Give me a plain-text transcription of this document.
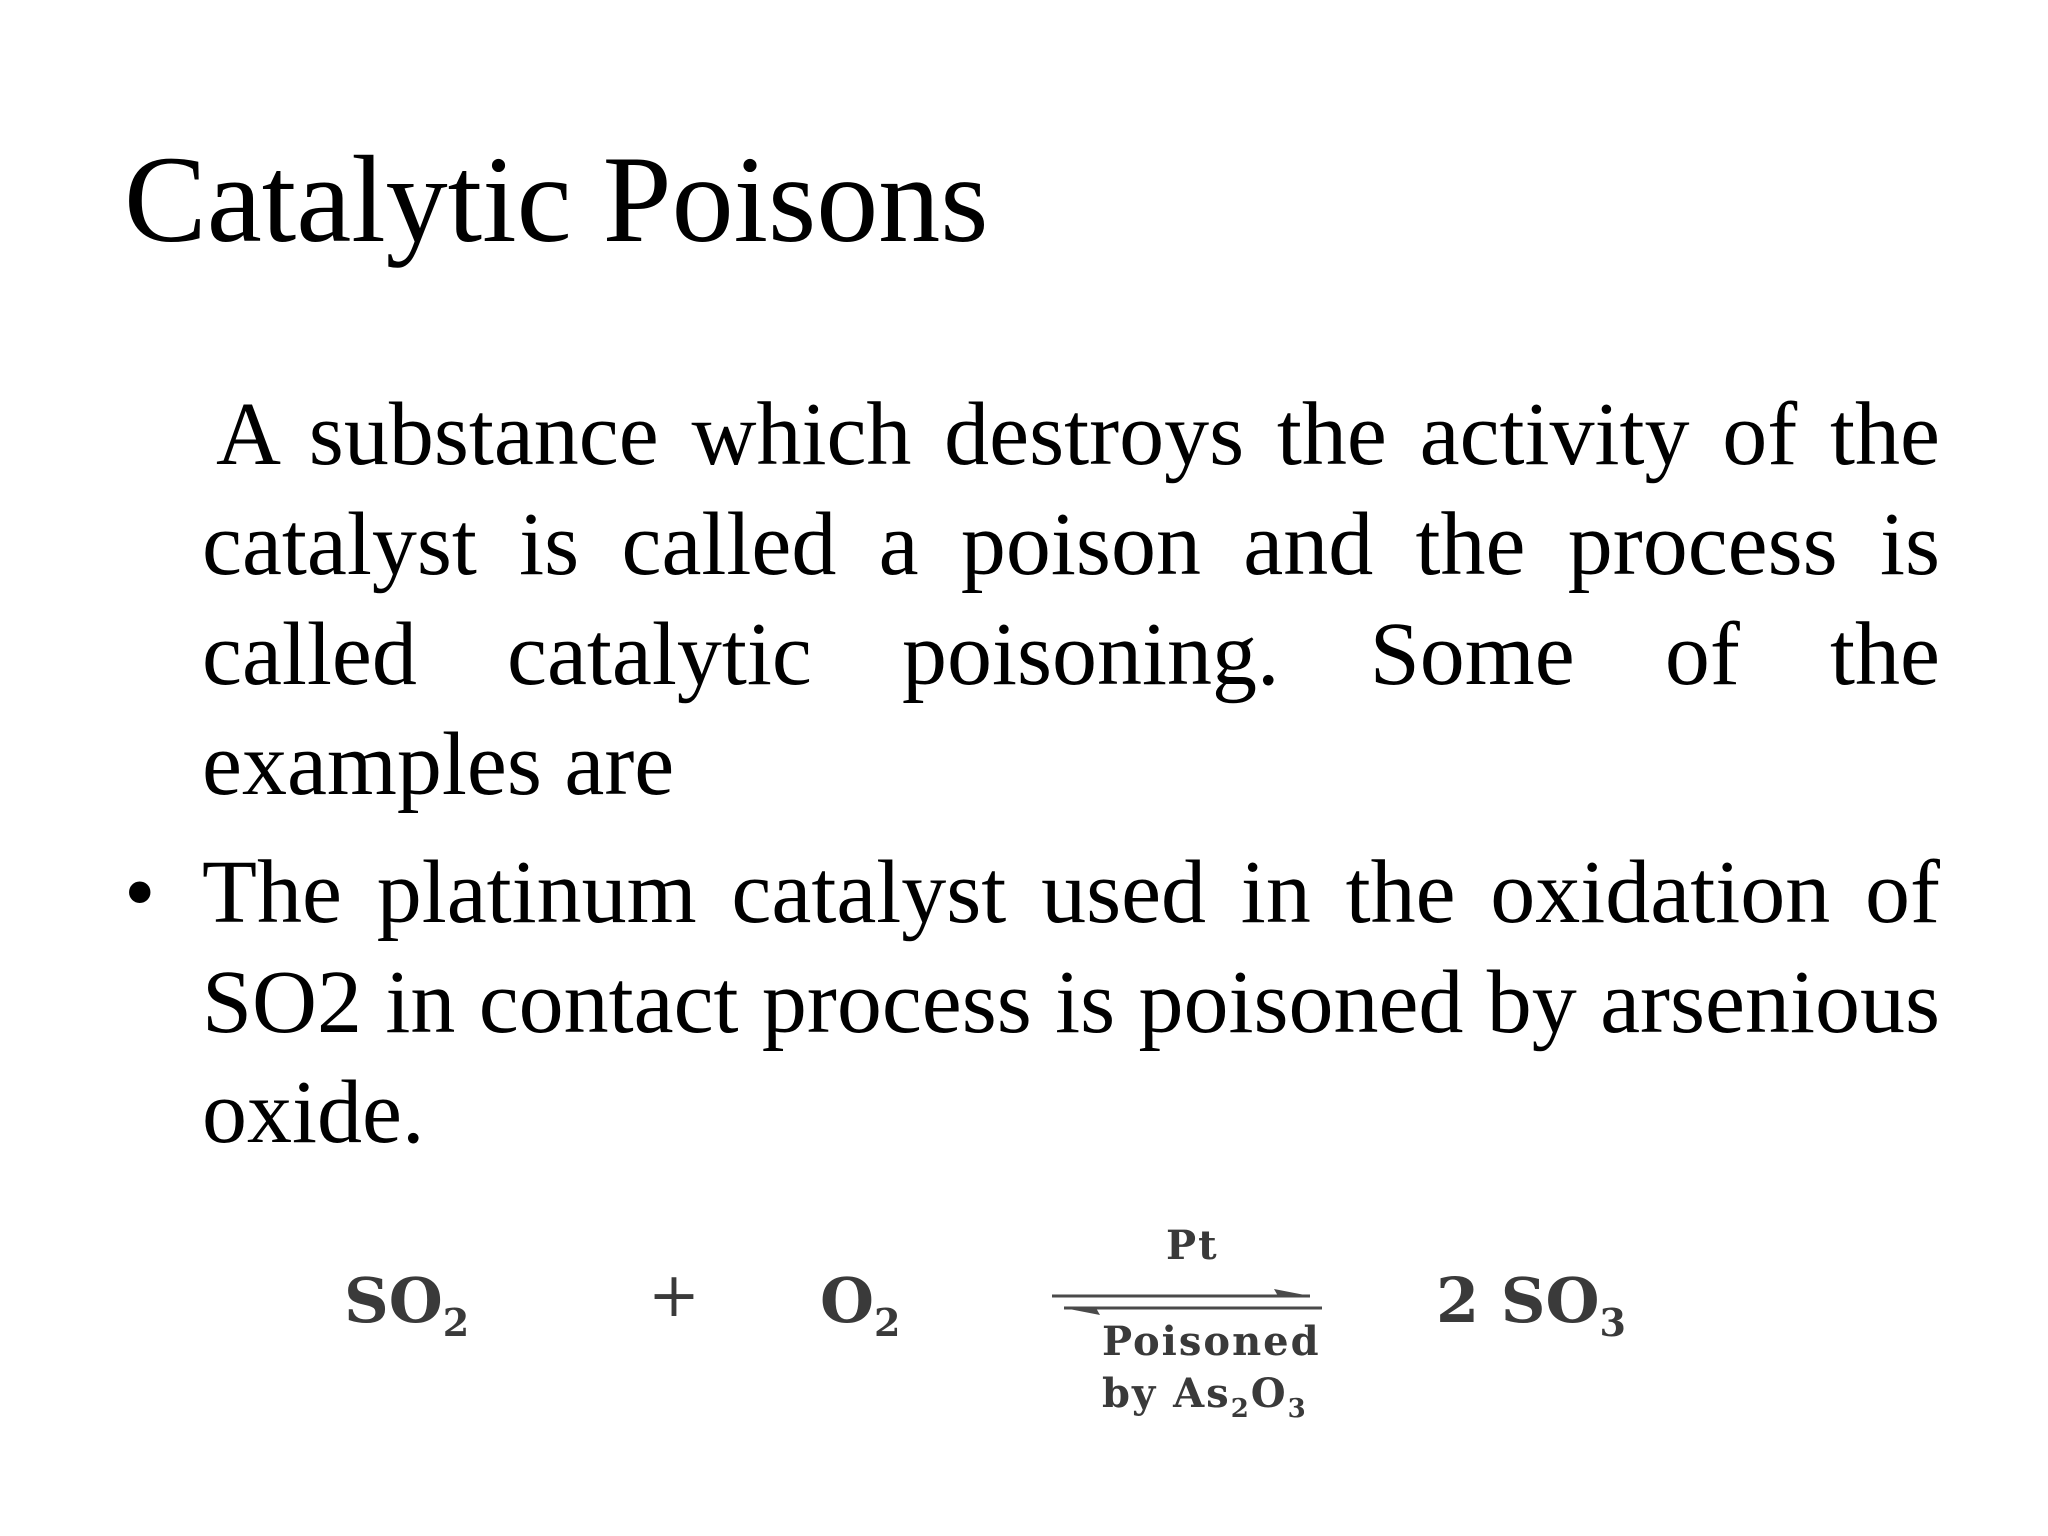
Catalytic Poisons
A substance which destroys the activity of the catalyst is called a poison and the process is called catalytic poisoning. Some of the examples are
• The platinum catalyst used in the oxidation of SO2 in contact process is poisoned by arsenious oxide.
$SO_2$	+ $O_2$
Pt
2 $SO_3$
Poisoned
by $As_2O_3$
